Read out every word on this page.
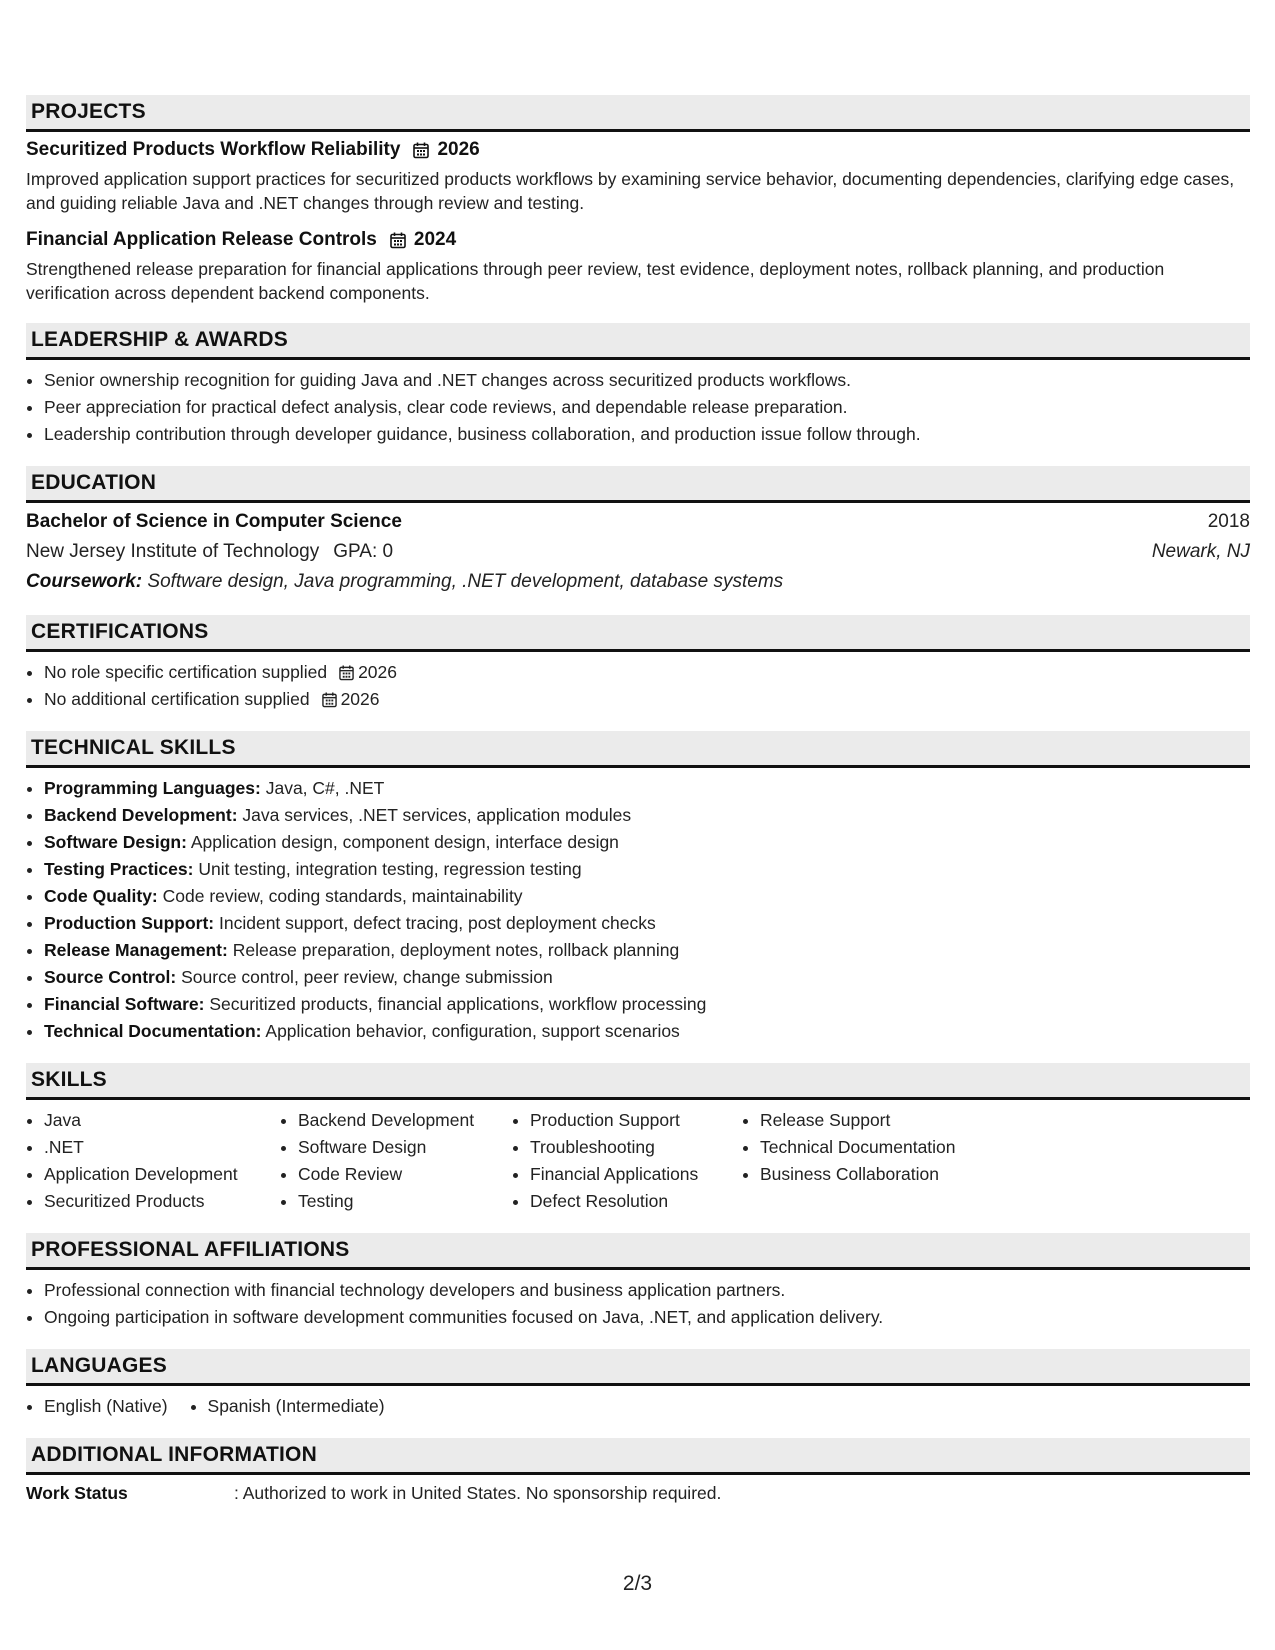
PROJECTS
Securitized Products Workflow Reliability 2026
Improved application support practices for securitized products workflows by examining service behavior, documenting dependencies, clarifying edge cases, and guiding reliable Java and .NET changes through review and testing.
Financial Application Release Controls 2024
Strengthened release preparation for financial applications through peer review, test evidence, deployment notes, rollback planning, and production verification across dependent backend components.
LEADERSHIP & AWARDS
• Senior ownership recognition for guiding Java and .NET changes across securitized products workflows.
• Peer appreciation for practical defect analysis, clear code reviews, and dependable release preparation.
• Leadership contribution through developer guidance, business collaboration, and production issue follow through.
EDUCATION
Bachelor of Science in Computer Science	2018
New Jersey Institute of Technology GPA: 0	Newark, NJ
Coursework: Software design, Java programming, .NET development, database systems
CERTIFICATIONS
• No role specific certification supplied 2026
• No additional certification supplied 2026
TECHNICAL SKILLS
• Programming Languages: Java, C#, .NET
• Backend Development: Java services, .NET services, application modules
• Software Design: Application design, component design, interface design
• Testing Practices: Unit testing, integration testing, regression testing
• Code Quality: Code review, coding standards, maintainability
• Production Support: Incident support, defect tracing, post deployment checks
• Release Management: Release preparation, deployment notes, rollback planning
• Source Control: Source control, peer review, change submission
• Financial Software: Securitized products, financial applications, workflow processing
• Technical Documentation: Application behavior, configuration, support scenarios
SKILLS
• Java
• .NET
• Application Development
• Securitized Products
• Backend Development
• Software Design
• Code Review
• Testing
• Production Support
• Troubleshooting
• Financial Applications
• Defect Resolution
• Release Support
• Technical Documentation
• Business Collaboration
PROFESSIONAL AFFILIATIONS
• Professional connection with financial technology developers and business application partners.
• Ongoing participation in software development communities focused on Java, .NET, and application delivery.
LANGUAGES
• English (Native)
• Spanish (Intermediate)
ADDITIONAL INFORMATION
Work Status	: Authorized to work in United States. No sponsorship required.
2/3
